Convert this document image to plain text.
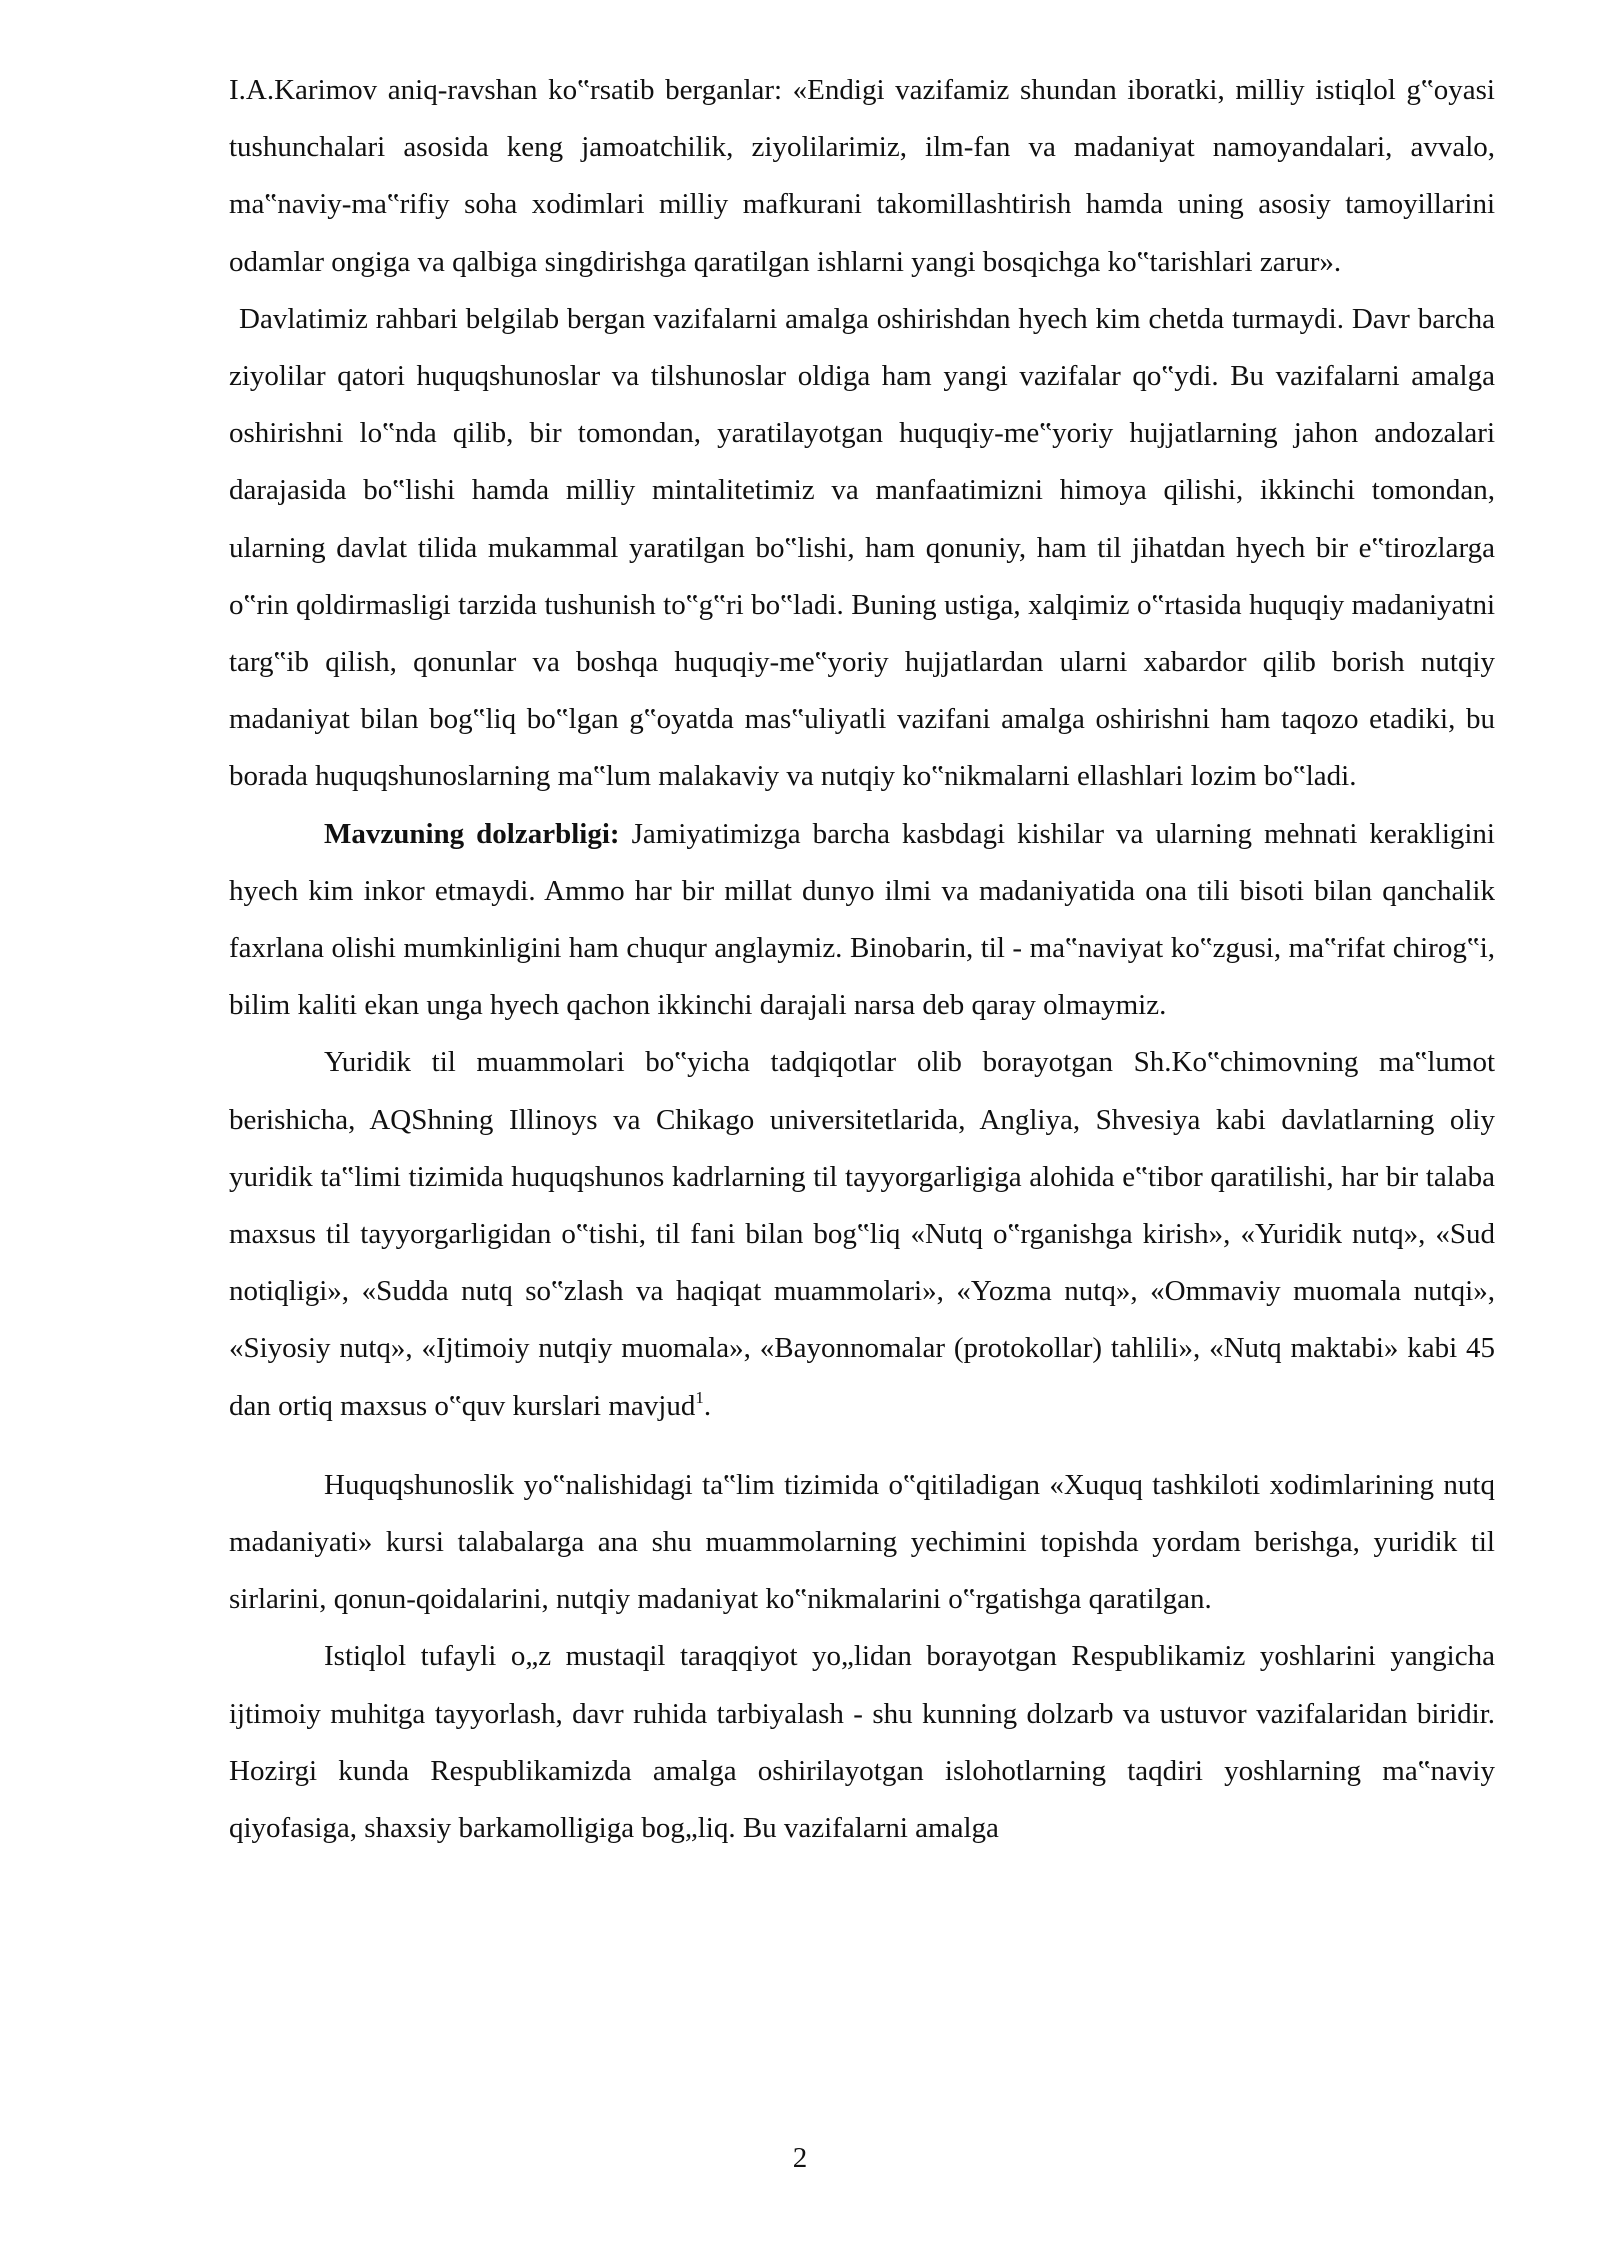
I.A.Karimov aniq-ravshan ko‟rsatib berganlar: «Endigi vazifamiz shundan iboratki, milliy istiqlol g‟oyasi tushunchalari asosida keng jamoatchilik, ziyolilarimiz, ilm-fan va madaniyat namoyandalari, avvalo, ma‟naviy-ma‟rifiy soha xodimlari milliy mafkurani takomillashtirish hamda uning asosiy tamoyillarini odamlar ongiga va qalbiga singdirishga qaratilgan ishlarni yangi bosqichga ko‟tarishlari zarur».

Davlatimiz rahbari belgilab bergan vazifalarni amalga oshirishdan hyech kim chetda turmaydi. Davr barcha ziyolilar qatori huquqshunoslar va tilshunoslar oldiga ham yangi vazifalar qo‟ydi. Bu vazifalarni amalga oshirishni lo‟nda qilib, bir tomondan, yaratilayotgan huquqiy-me‟yoriy hujjatlarning jahon andozalari darajasida bo‟lishi hamda milliy mintalitetimiz va manfaatimizni himoya qilishi, ikkinchi tomondan, ularning davlat tilida mukammal yaratilgan bo‟lishi, ham qonuniy, ham til jihatdan hyech bir e‟tirozlarga o‟rin qoldirmasligi tarzida tushunish to‟g‟ri bo‟ladi. Buning ustiga, xalqimiz o‟rtasida huquqiy madaniyatni targ‟ib qilish, qonunlar va boshqa huquqiy-me‟yoriy hujjatlardan ularni xabardor qilib borish nutqiy madaniyat bilan bog‟liq bo‟lgan g‟oyatda mas‟uliyatli vazifani amalga oshirishni ham taqozo etadiki, bu borada huquqshunoslarning ma‟lum malakaviy va nutqiy ko‟nikmalarni ellashlari lozim bo‟ladi.

Mavzuning dolzarbligi: Jamiyatimizga barcha kasbdagi kishilar va ularning mehnati kerakligini hyech kim inkor etmaydi. Ammo har bir millat dunyo ilmi va madaniyatida ona tili bisoti bilan qanchalik faxrlana olishi mumkinligini ham chuqur anglaymiz. Binobarin, til - ma‟naviyat ko‟zgusi, ma‟rifat chirog‟i, bilim kaliti ekan unga hyech qachon ikkinchi darajali narsa deb qaray olmaymiz.

Yuridik til muammolari bo‟yicha tadqiqotlar olib borayotgan Sh.Ko‟chimovning ma‟lumot berishicha, AQShning Illinoys va Chikago universitetlarida, Angliya, Shvesiya kabi davlatlarning oliy yuridik ta‟limi tizimida huquqshunos kadrlarning til tayyorgarligiga alohida e‟tibor qaratilishi, har bir talaba maxsus til tayyorgarligidan o‟tishi, til fani bilan bog‟liq «Nutq o‟rganishga kirish», «Yuridik nutq», «Sud notiqligi», «Sudda nutq so‟zlash va haqiqat muammolari», «Yozma nutq», «Ommaviy muomala nutqi», «Siyosiy nutq», «Ijtimoiy nutqiy muomala», «Bayonnomalar (protokollar) tahlili», «Nutq maktabi» kabi 45 dan ortiq maxsus o‟quv kurslari mavjud$^1$.

Huquqshunoslik yo‟nalishidagi ta‟lim tizimida o‟qitiladigan «Xuquq tashkiloti xodimlarining nutq madaniyati» kursi talabalarga ana shu muammolarning yechimini topishda yordam berishga, yuridik til sirlarini, qonun-qoidalarini, nutqiy madaniyat ko‟nikmalarini o‟rgatishga qaratilgan.

Istiqlol tufayli o„z mustaqil taraqqiyot yo„lidan borayotgan Respublikamiz yoshlarini yangicha ijtimoiy muhitga tayyorlash, davr ruhida tarbiyalash - shu kunning dolzarb va ustuvor vazifalaridan biridir. Hozirgi kunda Respublikamizda amalga oshirilayotgan islohotlarning taqdiri yoshlarning ma‟naviy qiyofasiga, shaxsiy barkamolligiga bog„liq. Bu vazifalarni amalga

2
